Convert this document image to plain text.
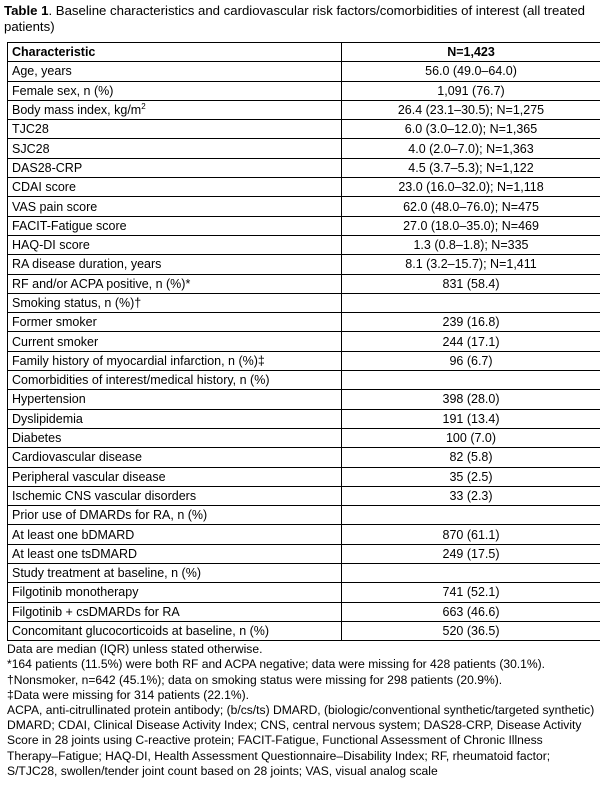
Table 1. Baseline characteristics and cardiovascular risk factors/comorbidities of interest (all treated patients)
Characteristic	N=1,423
Age, years	56.0 (49.0–64.0)
Female sex, n (%)	1,091 (76.7)
Body mass index, $kg/m^2$	26.4 (23.1–30.5); N=1,275
TJC28	6.0 (3.0–12.0); N=1,365
SJC28	4.0 (2.0–7.0); N=1,363
DAS28-CRP	4.5 (3.7–5.3); N=1,122
CDAI score	23.0 (16.0–32.0); N=1,118
VAS pain score	62.0 (48.0–76.0); N=475
FACIT-Fatigue score	27.0 (18.0–35.0); N=469
HAQ-DI score	1.3 (0.8–1.8); N=335
RA disease duration, years	8.1 (3.2–15.7); N=1,411
RF and/or ACPA positive, n (%)*	831 (58.4)
Smoking status, n (%)†	
Former smoker	239 (16.8)
Current smoker	244 (17.1)
Family history of myocardial infarction, n (%)‡	96 (6.7)
Comorbidities of interest/medical history, n (%)	
Hypertension	398 (28.0)
Dyslipidemia	191 (13.4)
Diabetes	100 (7.0)
Cardiovascular disease	82 (5.8)
Peripheral vascular disease	35 (2.5)
Ischemic CNS vascular disorders	33 (2.3)
Prior use of DMARDs for RA, n (%)	
At least one bDMARD	870 (61.1)
At least one tsDMARD	249 (17.5)
Study treatment at baseline, n (%)	
Filgotinib monotherapy	741 (52.1)
Filgotinib + csDMARDs for RA	663 (46.6)
Concomitant glucocorticoids at baseline, n (%)	520 (36.5)

Data are median (IQR) unless stated otherwise.

*164 patients (11.5%) were both RF and ACPA negative; data were missing for 428 patients (30.1%).

†Nonsmoker, n=642 (45.1%); data on smoking status were missing for 298 patients (20.9%).

‡Data were missing for 314 patients (22.1%).

ACPA, anti-citrullinated protein antibody; (b/cs/ts) DMARD, (biologic/conventional synthetic/targeted synthetic) DMARD; CDAI, Clinical Disease Activity Index; CNS, central nervous system; DAS28-CRP, Disease Activity Score in 28 joints using C-reactive protein; FACIT-Fatigue, Functional Assessment of Chronic Illness Therapy–Fatigue; HAQ-DI, Health Assessment Questionnaire–Disability Index; RF, rheumatoid factor; S/TJC28, swollen/tender joint count based on 28 joints; VAS, visual analog scale
